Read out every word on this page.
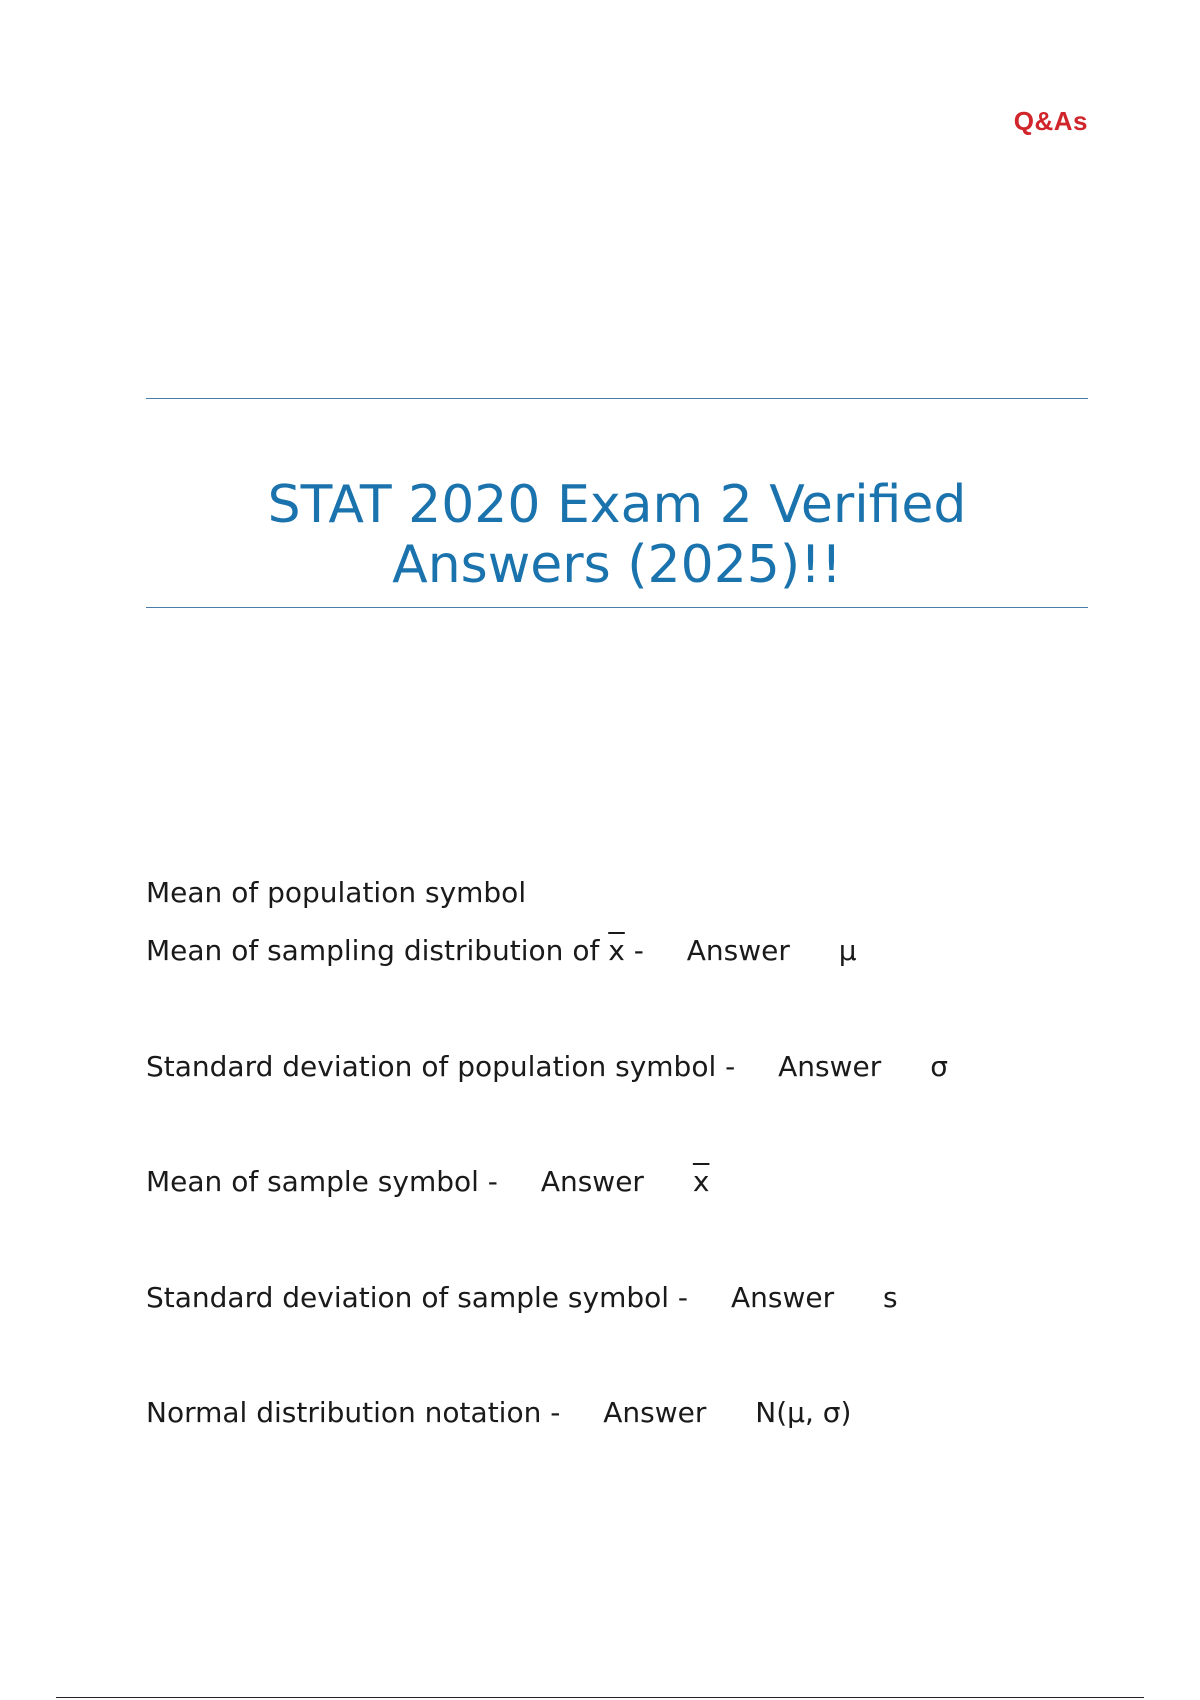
Q&As
STAT 2020 Exam 2 Verified
Answers (2025)!!
Mean of population symbol
Mean of sampling distribution of $\overline{x}$ - Answer μ
Standard deviation of population symbol - Answer σ
Mean of sample symbol - Answer $\overline{x}$
Standard deviation of sample symbol - Answer s
Normal distribution notation - Answer N(μ, σ)
